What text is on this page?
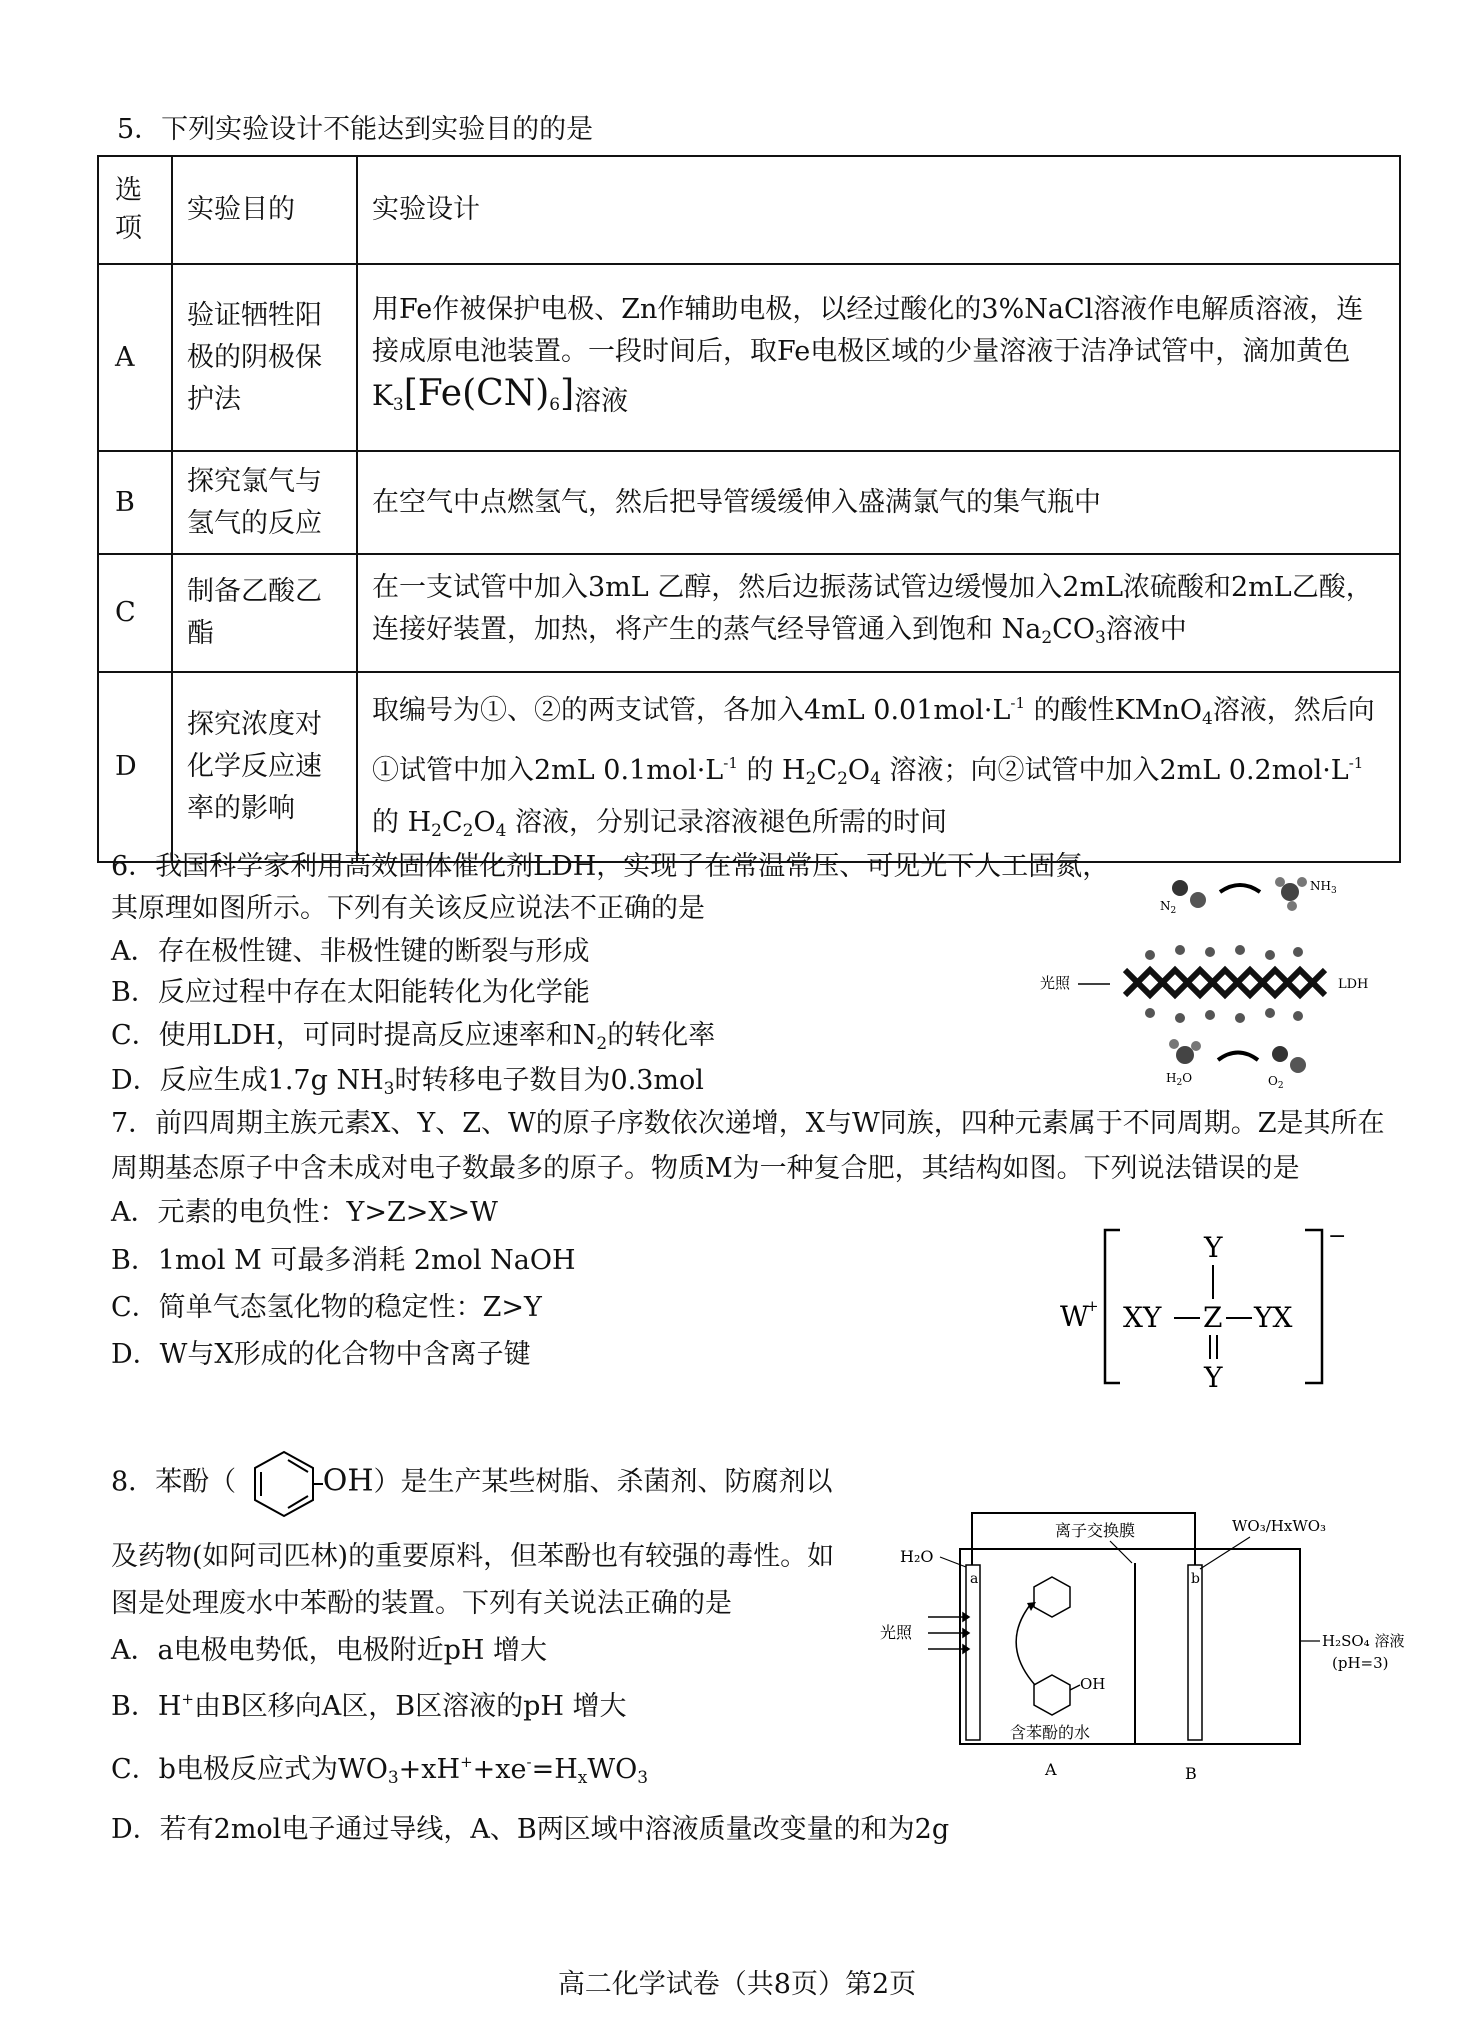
5．下列实验设计不能达到实验目的的是
选项	实验目的	实验设计
A	验证牺牲阳极的阴极保护法	用Fe作被保护电极、Zn作辅助电极，以经过酸化的3%NaCl溶液作电解质溶液，连接成原电池装置。一段时间后，取Fe电极区域的少量溶液于洁净试管中，滴加黄色
$K_3[Fe(CN)_6]$溶液
B	探究氯气与氢气的反应	在空气中点燃氢气，然后把导管缓缓伸入盛满氯气的集气瓶中
C	制备乙酸乙酯	在一支试管中加入3mL 乙醇，然后边振荡试管边缓慢加入2mL浓硫酸和2mL乙酸，连接好装置，加热，将产生的蒸气经导管通入到饱和 $Na_2CO_3$溶液中
D	探究浓度对化学反应速率的影响	取编号为①、②的两支试管，各加入4mL $0.01mol\cdot L^{-1}$ 的酸性KMnO$_4$溶液，然后向①试管中加入2mL $0.1mol\cdot L^{-1}$ 的 $H_2C_2O_4$ 溶液；向②试管中加入2mL $0.2mol\cdot L^{-1}$ 的 $H_2C_2O_4$ 溶液，分别记录溶液褪色所需的时间
6．我国科学家利用高效固体催化剂LDH，实现了在常温常压、可见光下人工固氮，
其原理如图所示。下列有关该反应说法不正确的是
A．存在极性键、非极性键的断裂与形成
B．反应过程中存在太阳能转化为化学能
C．使用LDH，可同时提高反应速率和$N_2$的转化率
D．反应生成1.7g $NH_3$时转移电子数目为0.3mol
$N_2$
$NH_3$
光照	LDH
$H_2O$	$O_2$
7．前四周期主族元素X、Y、Z、W的原子序数依次递增，X与W同族，四种元素属于不同周期。Z是其所在
周期基态原子中含未成对电子数最多的原子。物质M为一种复合肥，其结构如图。下列说法错误的是
A．元素的电负性：Y>Z>X>W
B．1mol M 可最多消耗 2mol NaOH
C．简单气态氢化物的稳定性：Z>Y
D．W与X形成的化合物中含离子键
W
+
−
Y
XY Z YX
Y
8．苯酚（	OH）是生产某些树脂、杀菌剂、防腐剂以
及药物(如阿司匹林)的重要原料，但苯酚也有较强的毒性。如
图是处理废水中苯酚的装置。下列有关说法正确的是
A．a电极电势低，电极附近pH 增大
B．H+由B区移向A区，B区溶液的pH 增大
C．b电极反应式为$WO_3+xH^++xe^-=H_xWO_3$
D．若有2mol电子通过导线，A、B两区域中溶液质量改变量的和为2g
a	b
H₂O
离子交换膜	WO₃/HxWO₃
光照
OH
含苯酚的水
H₂SO₄ 溶液
(pH=3)
A	B
高二化学试卷（共8页）第2页
